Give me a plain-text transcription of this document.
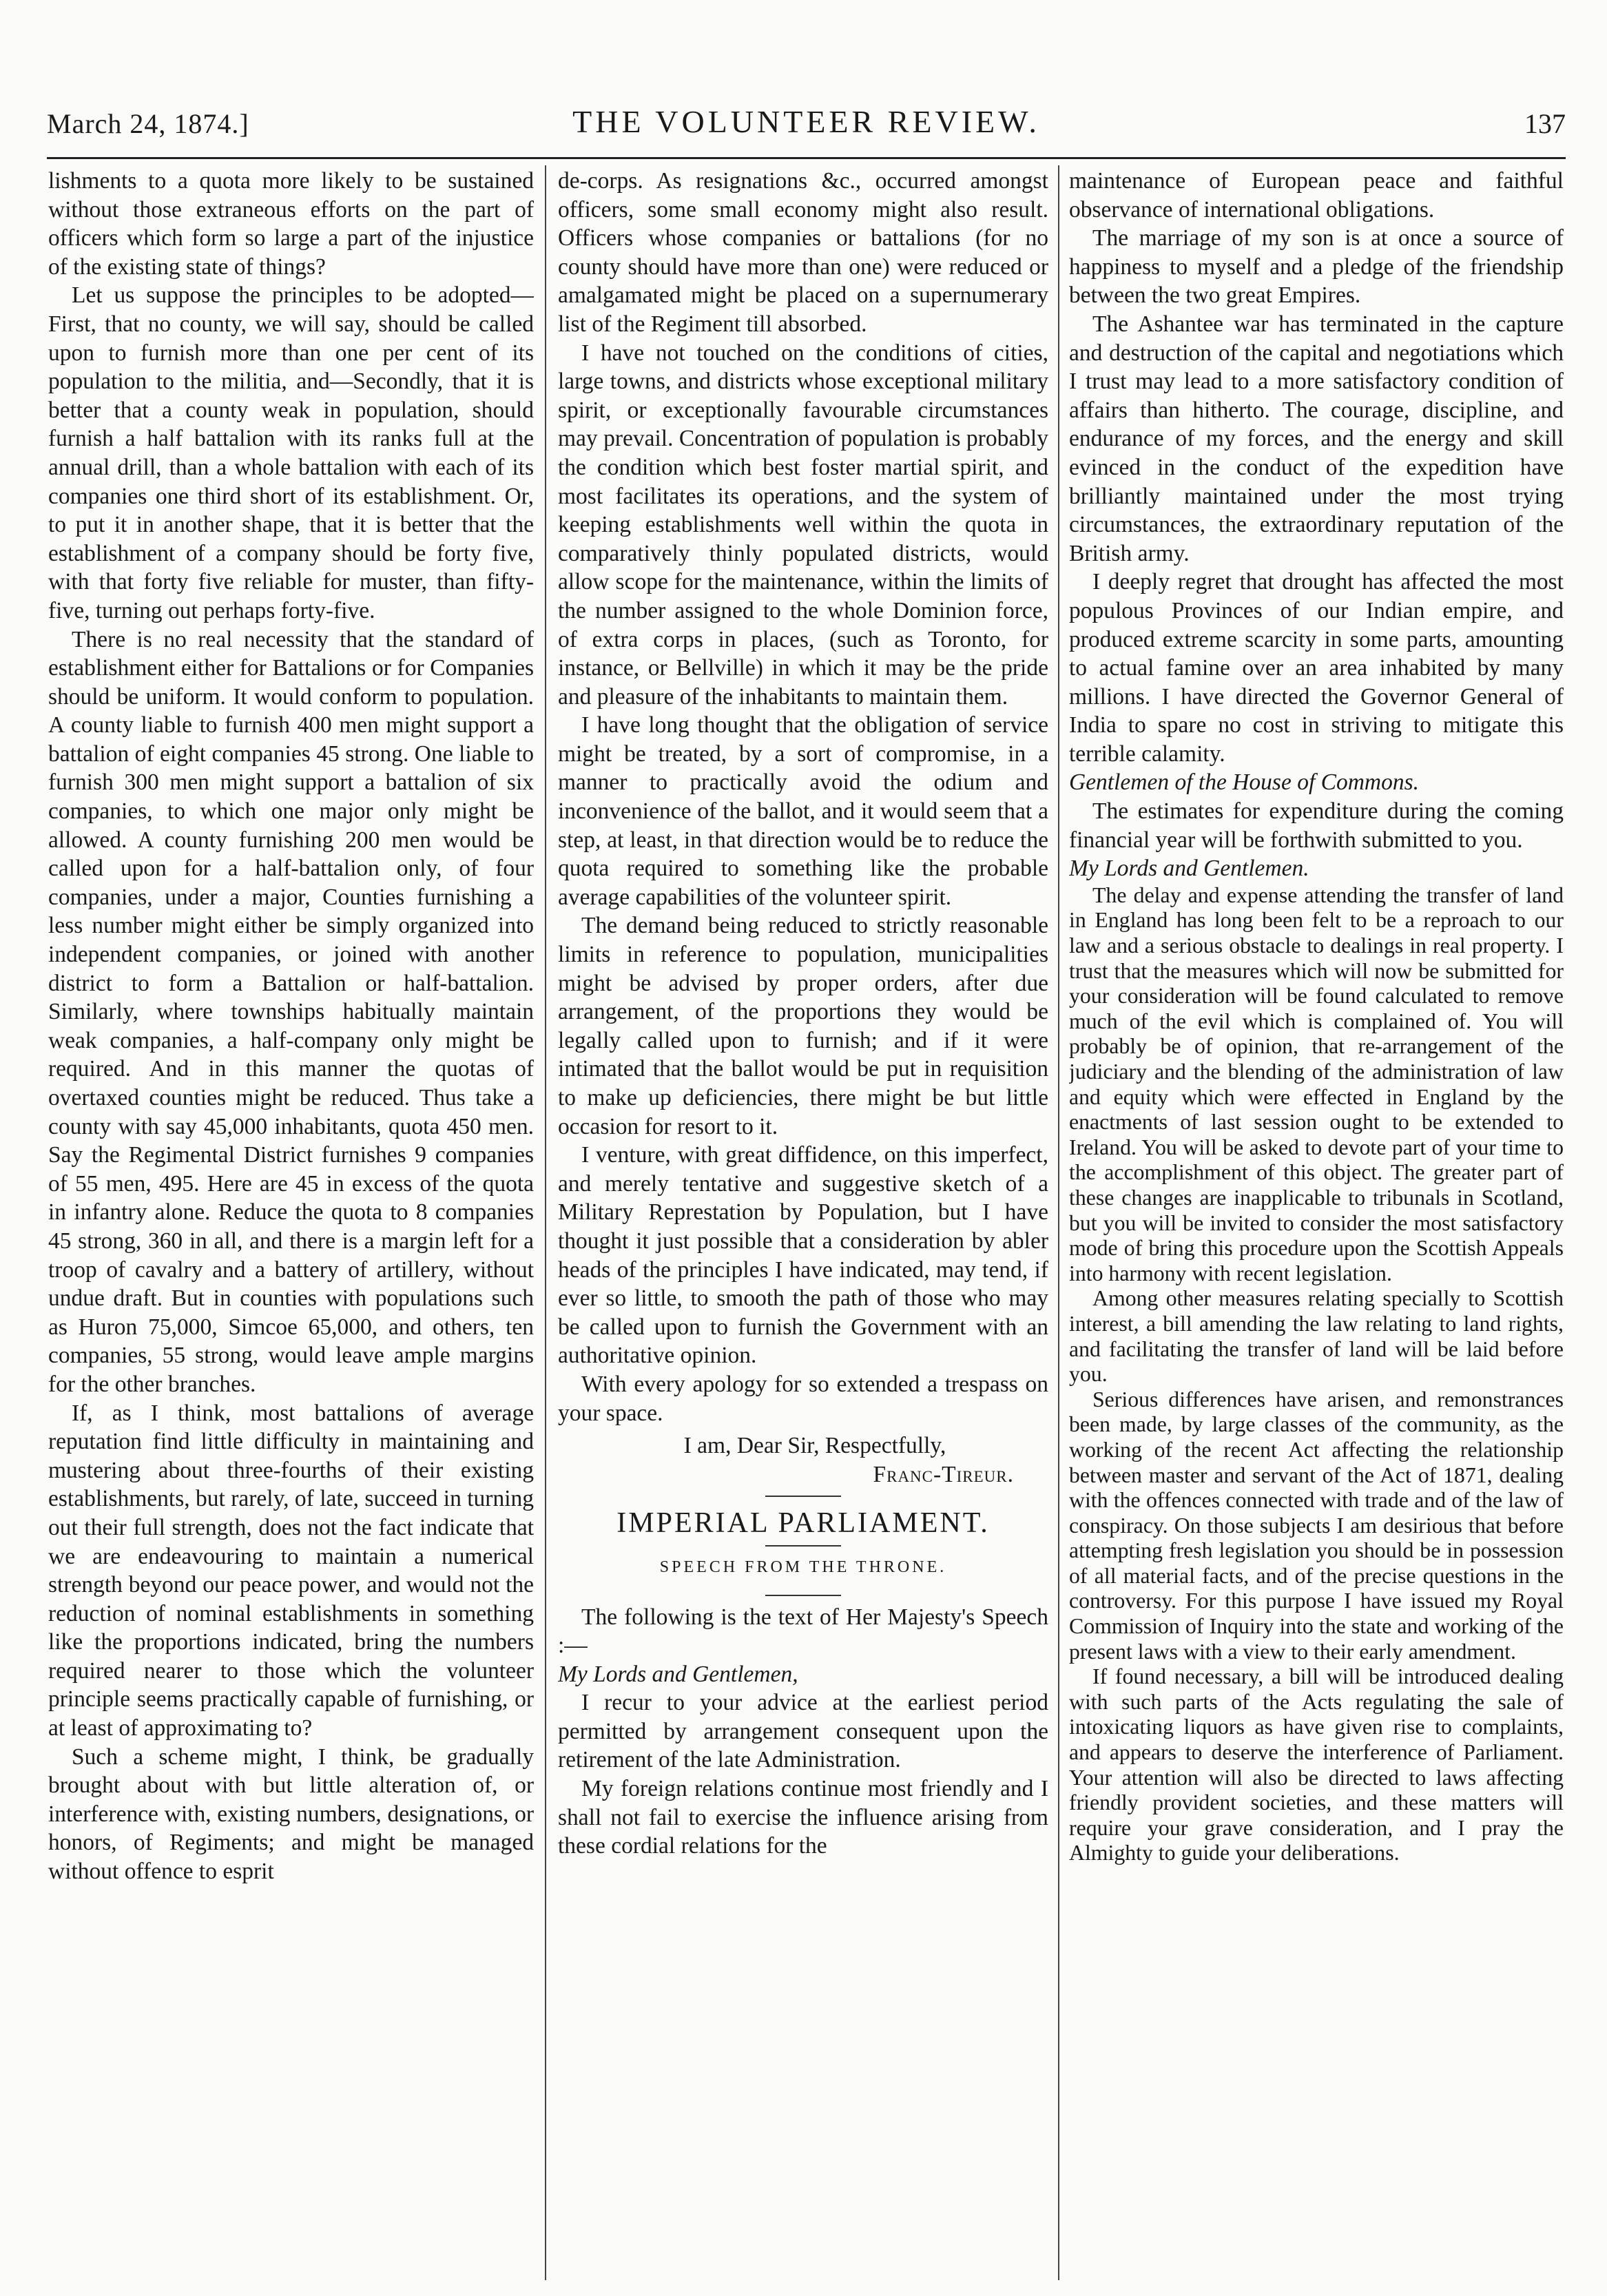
March 24, 1874.]	THE VOLUNTEER REVIEW.	137

lishments to a quota more likely to be sustained without those extraneous efforts on the part of officers which form so large a part of the injustice of the existing state of things?

Let us suppose the principles to be adopted—First, that no county, we will say, should be called upon to furnish more than one per cent of its population to the militia, and—Secondly, that it is better that a county weak in population, should furnish a half battalion with its ranks full at the annual drill, than a whole battalion with each of its companies one third short of its establishment. Or, to put it in another shape, that it is better that the establishment of a company should be forty five, with that forty five reliable for muster, than fifty-five, turning out perhaps forty-five.

There is no real necessity that the standard of establishment either for Battalions or for Companies should be uniform. It would conform to population. A county liable to furnish 400 men might support a battalion of eight companies 45 strong. One liable to furnish 300 men might support a battalion of six companies, to which one major only might be allowed. A county furnishing 200 men would be called upon for a half-battalion only, of four companies, under a major, Counties furnishing a less number might either be simply organized into independent companies, or joined with another district to form a Battalion or half-battalion. Similarly, where townships habitually maintain weak companies, a half-company only might be required. And in this manner the quotas of overtaxed counties might be reduced. Thus take a county with say 45,000 inhabitants, quota 450 men. Say the Regimental District furnishes 9 companies of 55 men, 495. Here are 45 in excess of the quota in infantry alone. Reduce the quota to 8 companies 45 strong, 360 in all, and there is a margin left for a troop of cavalry and a battery of artillery, without undue draft. But in counties with populations such as Huron 75,000, Simcoe 65,000, and others, ten companies, 55 strong, would leave ample margins for the other branches.

If, as I think, most battalions of average reputation find little difficulty in maintaining and mustering about three-fourths of their existing establishments, but rarely, of late, succeed in turning out their full strength, does not the fact indicate that we are endeavouring to maintain a numerical strength beyond our peace power, and would not the reduction of nominal establishments in something like the proportions indicated, bring the numbers required nearer to those which the volunteer principle seems practically capable of furnishing, or at least of approximating to?

Such a scheme might, I think, be gradually brought about with but little alteration of, or interference with, existing numbers, designations, or honors, of Regiments; and might be managed without offence to esprit

de-corps. As resignations &c., occurred amongst officers, some small economy might also result. Officers whose companies or battalions (for no county should have more than one) were reduced or amalgamated might be placed on a supernumerary list of the Regiment till absorbed.

I have not touched on the conditions of cities, large towns, and districts whose exceptional military spirit, or exceptionally favourable circumstances may prevail. Concentration of population is probably the condition which best foster martial spirit, and most facilitates its operations, and the system of keeping establishments well within the quota in comparatively thinly populated districts, would allow scope for the maintenance, within the limits of the number assigned to the whole Dominion force, of extra corps in places, (such as Toronto, for instance, or Bellville) in which it may be the pride and pleasure of the inhabitants to maintain them.

I have long thought that the obligation of service might be treated, by a sort of compromise, in a manner to practically avoid the odium and inconvenience of the ballot, and it would seem that a step, at least, in that direction would be to reduce the quota required to something like the probable average capabilities of the volunteer spirit.

The demand being reduced to strictly reasonable limits in reference to population, municipalities might be advised by proper orders, after due arrangement, of the proportions they would be legally called upon to furnish; and if it were intimated that the ballot would be put in requisition to make up deficiencies, there might be but little occasion for resort to it.

I venture, with great diffidence, on this imperfect, and merely tentative and suggestive sketch of a Military Represtation by Population, but I have thought it just possible that a consideration by abler heads of the principles I have indicated, may tend, if ever so little, to smooth the path of those who may be called upon to furnish the Government with an authoritative opinion.

With every apology for so extended a trespass on your space.

I am, Dear Sir, Respectfully,

Franc-Tireur.

IMPERIAL PARLIAMENT.
SPEECH FROM THE THRONE.

The following is the text of Her Majesty's Speech :—

My Lords and Gentlemen,

I recur to your advice at the earliest period permitted by arrangement consequent upon the retirement of the late Administration.

My foreign relations continue most friendly and I shall not fail to exercise the influence arising from these cordial relations for the

maintenance of European peace and faithful observance of international obligations.

The marriage of my son is at once a source of happiness to myself and a pledge of the friendship between the two great Empires.

The Ashantee war has terminated in the capture and destruction of the capital and negotiations which I trust may lead to a more satisfactory condition of affairs than hitherto. The courage, discipline, and endurance of my forces, and the energy and skill evinced in the conduct of the expedition have brilliantly maintained under the most trying circumstances, the extraordinary reputation of the British army.

I deeply regret that drought has affected the most populous Provinces of our Indian empire, and produced extreme scarcity in some parts, amounting to actual famine over an area inhabited by many millions. I have directed the Governor General of India to spare no cost in striving to mitigate this terrible calamity.

Gentlemen of the House of Commons.

The estimates for expenditure during the coming financial year will be forthwith submitted to you.

My Lords and Gentlemen.

The delay and expense attending the transfer of land in England has long been felt to be a reproach to our law and a serious obstacle to dealings in real property. I trust that the measures which will now be submitted for your consideration will be found calculated to remove much of the evil which is complained of. You will probably be of opinion, that re-arrangement of the judiciary and the blending of the administration of law and equity which were effected in England by the enactments of last session ought to be extended to Ireland. You will be asked to devote part of your time to the accomplishment of this object. The greater part of these changes are inapplicable to tribunals in Scotland, but you will be invited to consider the most satisfactory mode of bring this procedure upon the Scottish Appeals into harmony with recent legislation.

Among other measures relating specially to Scottish interest, a bill amending the law relating to land rights, and facilitating the transfer of land will be laid before you.

Serious differences have arisen, and remonstrances been made, by large classes of the community, as the working of the recent Act affecting the relationship between master and servant of the Act of 1871, dealing with the offences connected with trade and of the law of conspiracy. On those subjects I am desirious that before attempting fresh legislation you should be in possession of all material facts, and of the precise questions in the controversy. For this purpose I have issued my Royal Commission of Inquiry into the state and working of the present laws with a view to their early amendment.

If found necessary, a bill will be introduced dealing with such parts of the Acts regulating the sale of intoxicating liquors as have given rise to complaints, and appears to deserve the interference of Parliament. Your attention will also be directed to laws affecting friendly provident societies, and these matters will require your grave consideration, and I pray the Almighty to guide your deliberations.
